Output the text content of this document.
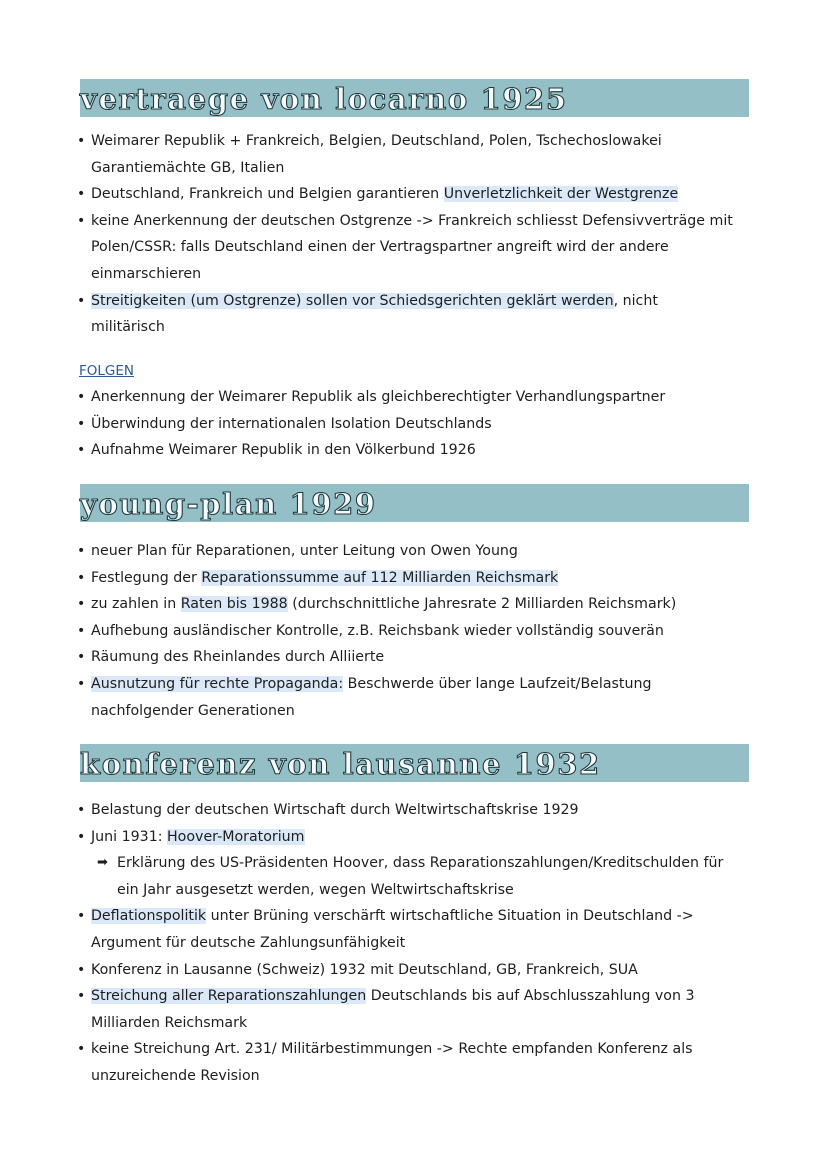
vertraege von locarno 1925
• Weimarer Republik + Frankreich, Belgien, Deutschland, Polen, Tschechoslowakei
Garantiemächte GB, Italien
• Deutschland, Frankreich und Belgien garantieren Unverletzlichkeit der Westgrenze
• keine Anerkennung der deutschen Ostgrenze -> Frankreich schliesst Defensivverträge mit
Polen/CSSR: falls Deutschland einen der Vertragspartner angreift wird der andere
einmarschieren
• Streitigkeiten (um Ostgrenze) sollen vor Schiedsgerichten geklärt werden, nicht
militärisch
FOLGEN
• Anerkennung der Weimarer Republik als gleichberechtigter Verhandlungspartner
• Überwindung der internationalen Isolation Deutschlands
• Aufnahme Weimarer Republik in den Völkerbund 1926
young-plan 1929
• neuer Plan für Reparationen, unter Leitung von Owen Young
• Festlegung der Reparationssumme auf 112 Milliarden Reichsmark
• zu zahlen in Raten bis 1988 (durchschnittliche Jahresrate 2 Milliarden Reichsmark)
• Aufhebung ausländischer Kontrolle, z.B. Reichsbank wieder vollständig souverän
• Räumung des Rheinlandes durch Alliierte
• Ausnutzung für rechte Propaganda: Beschwerde über lange Laufzeit/Belastung
nachfolgender Generationen
konferenz von lausanne 1932
• Belastung der deutschen Wirtschaft durch Weltwirtschaftskrise 1929
• Juni 1931: Hoover-Moratorium
➡ Erklärung des US-Präsidenten Hoover, dass Reparationszahlungen/Kreditschulden für
ein Jahr ausgesetzt werden, wegen Weltwirtschaftskrise
• Deflationspolitik unter Brüning verschärft wirtschaftliche Situation in Deutschland ->
Argument für deutsche Zahlungsunfähigkeit
• Konferenz in Lausanne (Schweiz) 1932 mit Deutschland, GB, Frankreich, SUA
• Streichung aller Reparationszahlungen Deutschlands bis auf Abschlusszahlung von 3
Milliarden Reichsmark
• keine Streichung Art. 231/ Militärbestimmungen -> Rechte empfanden Konferenz als
unzureichende Revision
